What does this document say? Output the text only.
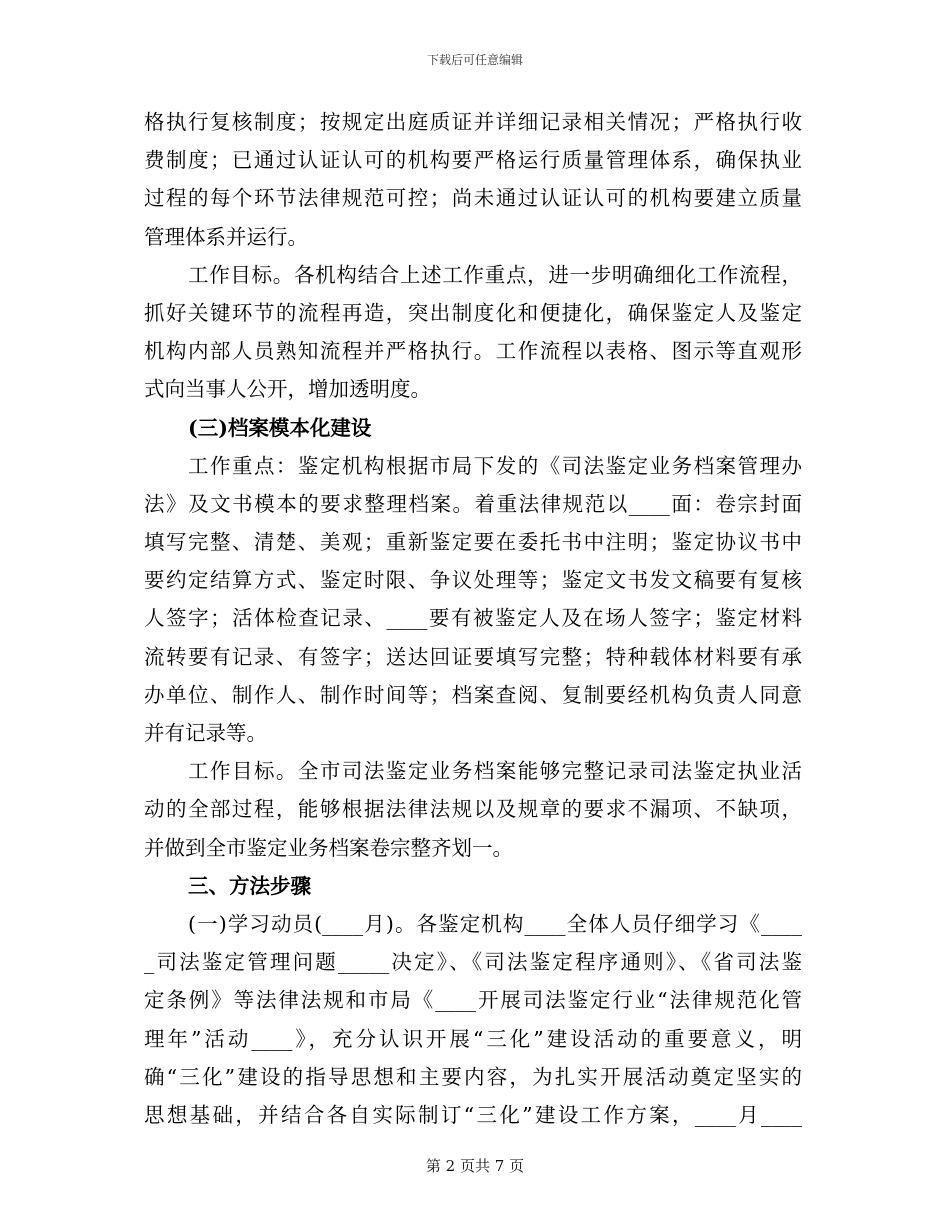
下载后可任意编辑
格执行复核制度；按规定出庭质证并详细记录相关情况；严格执行收
费制度；已通过认证认可的机构要严格运行质量管理体系，确保执业
过程的每个环节法律规范可控；尚未通过认证认可的机构要建立质量
管理体系并运行。
工作目标。各机构结合上述工作重点，进一步明确细化工作流程，
抓好关键环节的流程再造，突出制度化和便捷化，确保鉴定人及鉴定
机构内部人员熟知流程并严格执行。工作流程以表格、图示等直观形
式向当事人公开，增加透明度。
(三)档案模本化建设
工作重点：鉴定机构根据市局下发的《司法鉴定业务档案管理办
法》及文书模本的要求整理档案。着重法律规范以____面：卷宗封面
填写完整、清楚、美观；重新鉴定要在委托书中注明；鉴定协议书中
要约定结算方式、鉴定时限、争议处理等；鉴定文书发文稿要有复核
人签字；活体检查记录、____要有被鉴定人及在场人签字；鉴定材料
流转要有记录、有签字；送达回证要填写完整；特种载体材料要有承
办单位、制作人、制作时间等；档案查阅、复制要经机构负责人同意
并有记录等。
工作目标。全市司法鉴定业务档案能够完整记录司法鉴定执业活
动的全部过程，能够根据法律法规以及规章的要求不漏项、不缺项，
并做到全市鉴定业务档案卷宗整齐划一。
三、方法步骤
(一)学习动员(____月)。各鉴定机构____全体人员仔细学习《____
_司法鉴定管理问题_____决定》、《司法鉴定程序通则》、《省司法鉴
定条例》等法律法规和市局《____开展司法鉴定行业“法律规范化管
理年”活动____》，充分认识开展“三化”建设活动的重要意义，明
确“三化”建设的指导思想和主要内容，为扎实开展活动奠定坚实的
思想基础，并结合各自实际制订“三化”建设工作方案，____月____
第 2 页共 7 页
